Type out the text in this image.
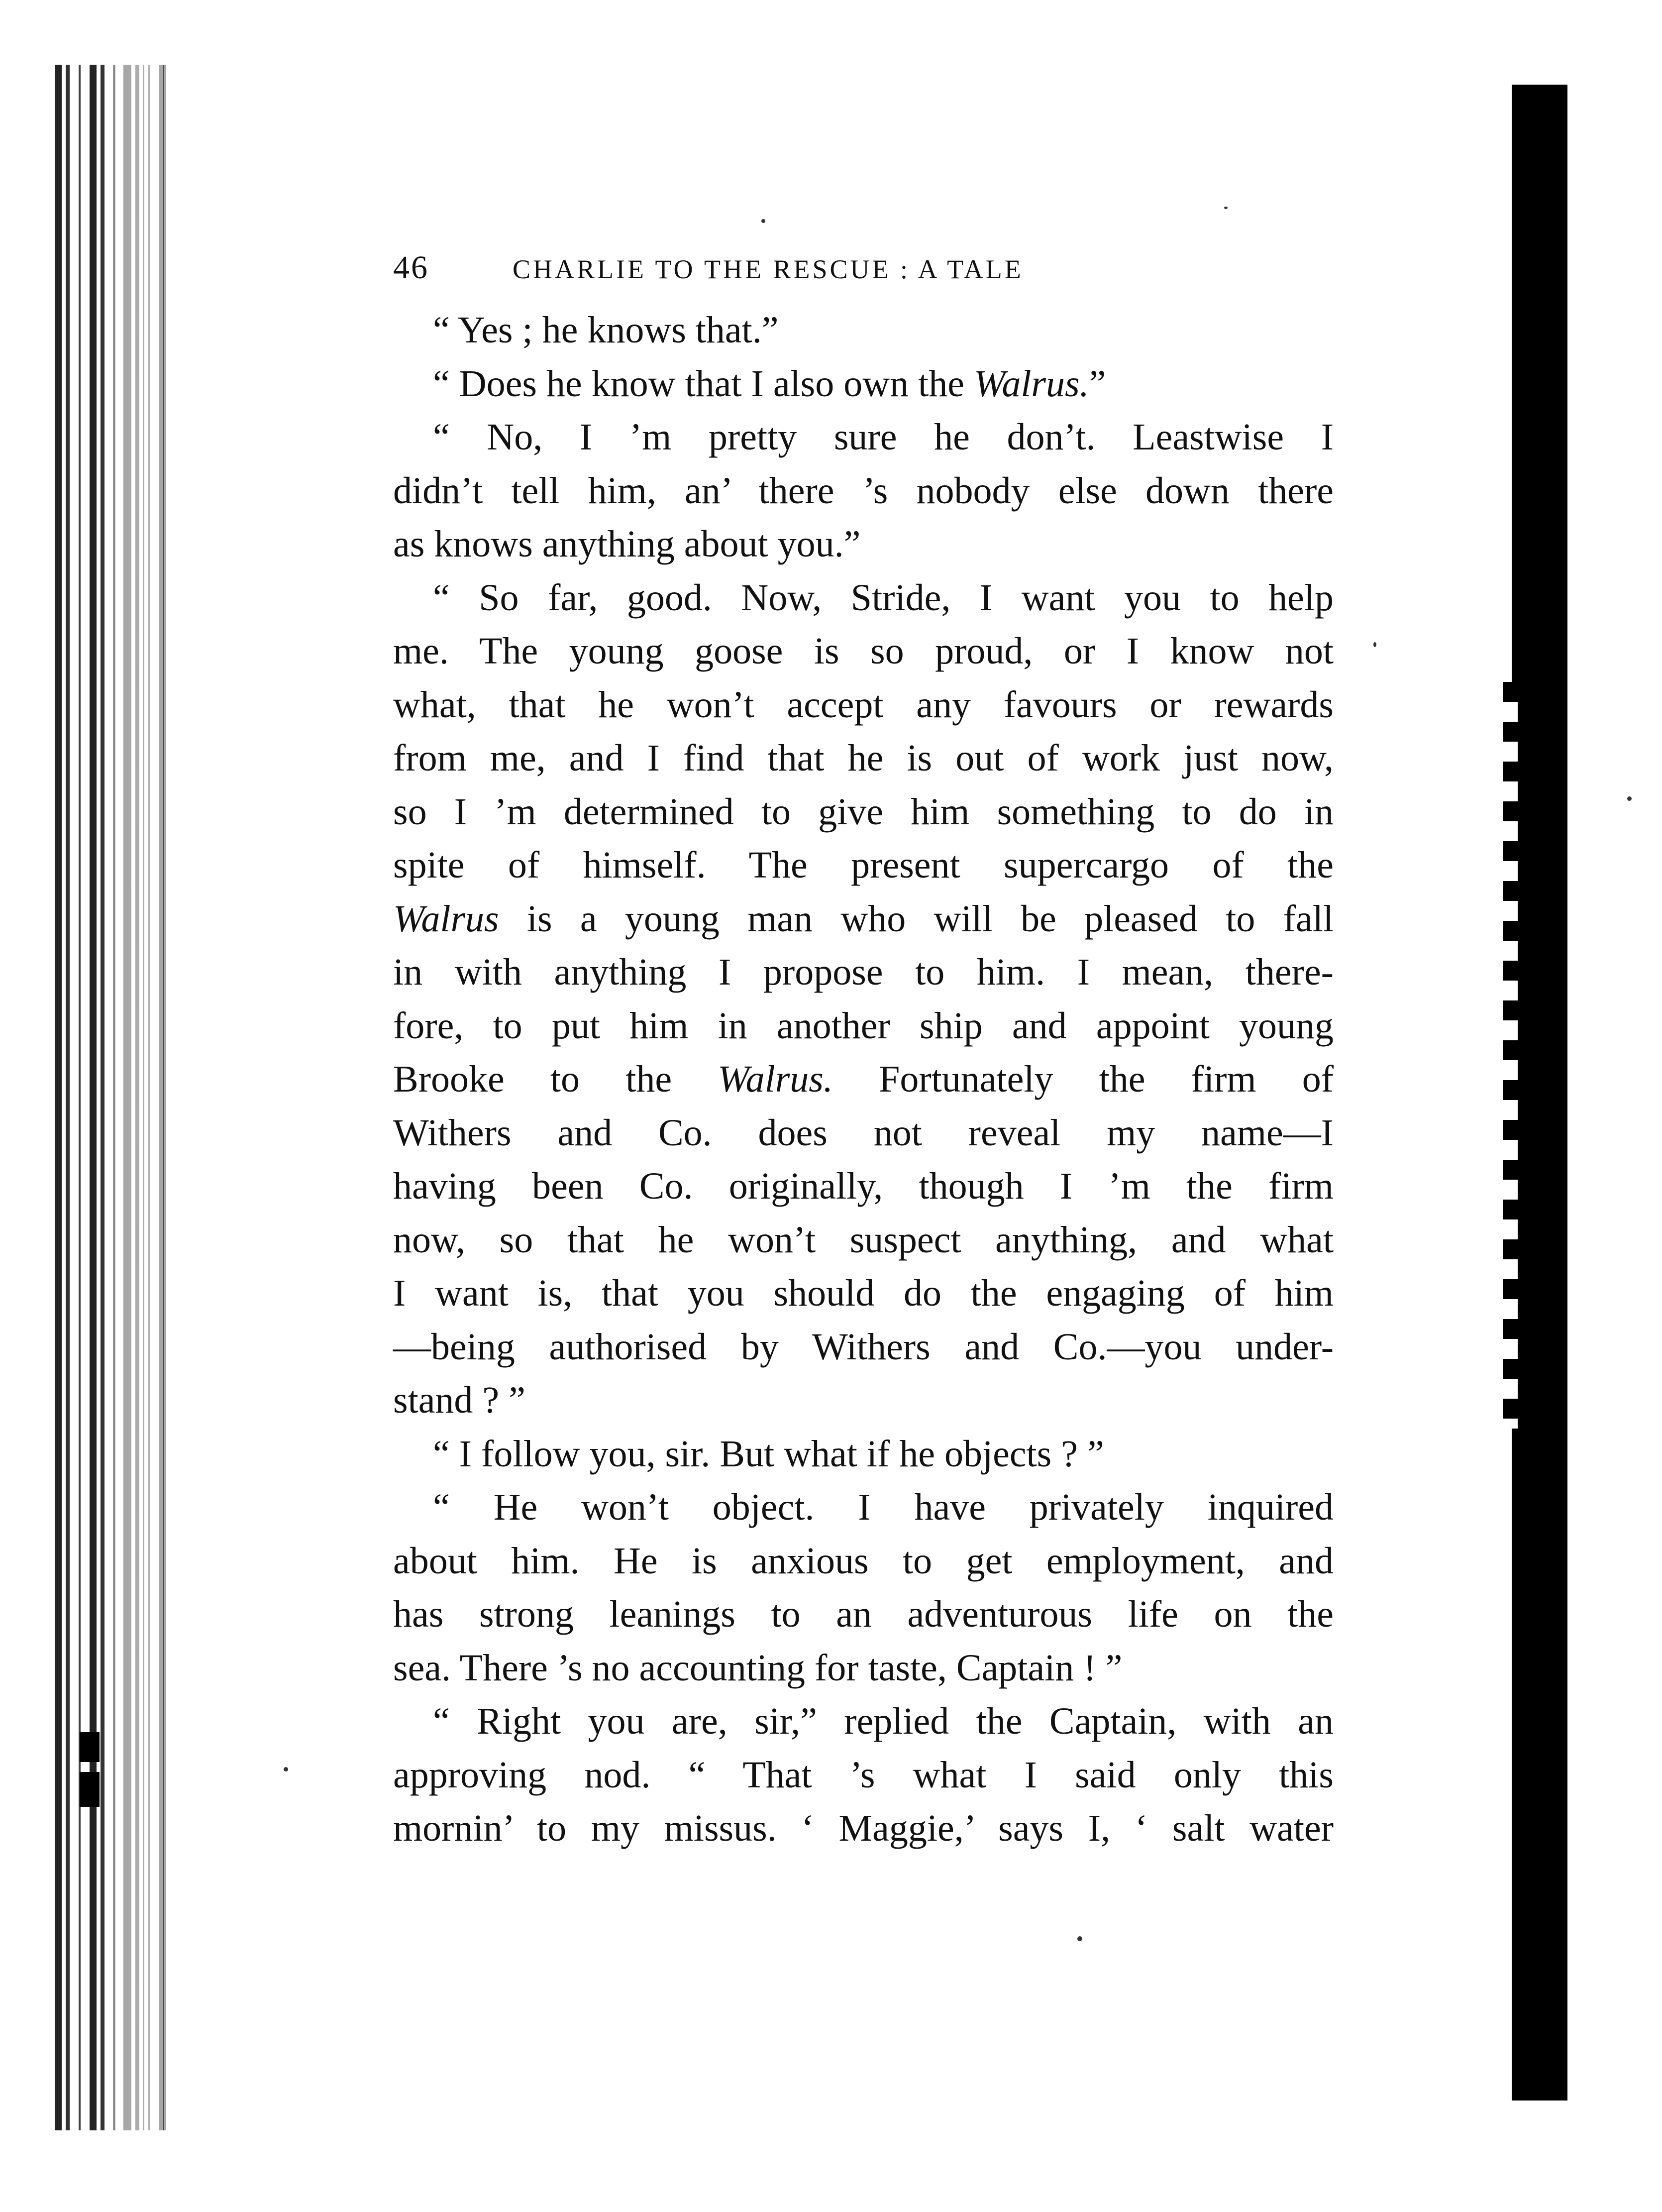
46	CHARLIE TO THE RESCUE : A TALE
“ Yes ; he knows that.”
“ Does he know that I also own the Walrus.”
“ No, I ’m pretty sure he don’t. Leastwise I
didn’t tell him, an’ there ’s nobody else down there
as knows anything about you.”
“ So far, good. Now, Stride, I want you to help
me. The young goose is so proud, or I know not
what, that he won’t accept any favours or rewards
from me, and I find that he is out of work just now,
so I ’m determined to give him something to do in
spite of himself. The present supercargo of the
Walrus is a young man who will be pleased to fall
in with anything I propose to him. I mean, there-
fore, to put him in another ship and appoint young
Brooke to the Walrus. Fortunately the firm of
Withers and Co. does not reveal my name—I
having been Co. originally, though I ’m the firm
now, so that he won’t suspect anything, and what
I want is, that you should do the engaging of him
—being authorised by Withers and Co.—you under-
stand ? ”
“ I follow you, sir. But what if he objects ? ”
“ He won’t object. I have privately inquired
about him. He is anxious to get employment, and
has strong leanings to an adventurous life on the
sea. There ’s no accounting for taste, Captain ! ”
“ Right you are, sir,” replied the Captain, with an
approving nod. “ That ’s what I said only this
mornin’ to my missus. ‘ Maggie,’ says I, ‘ salt water
